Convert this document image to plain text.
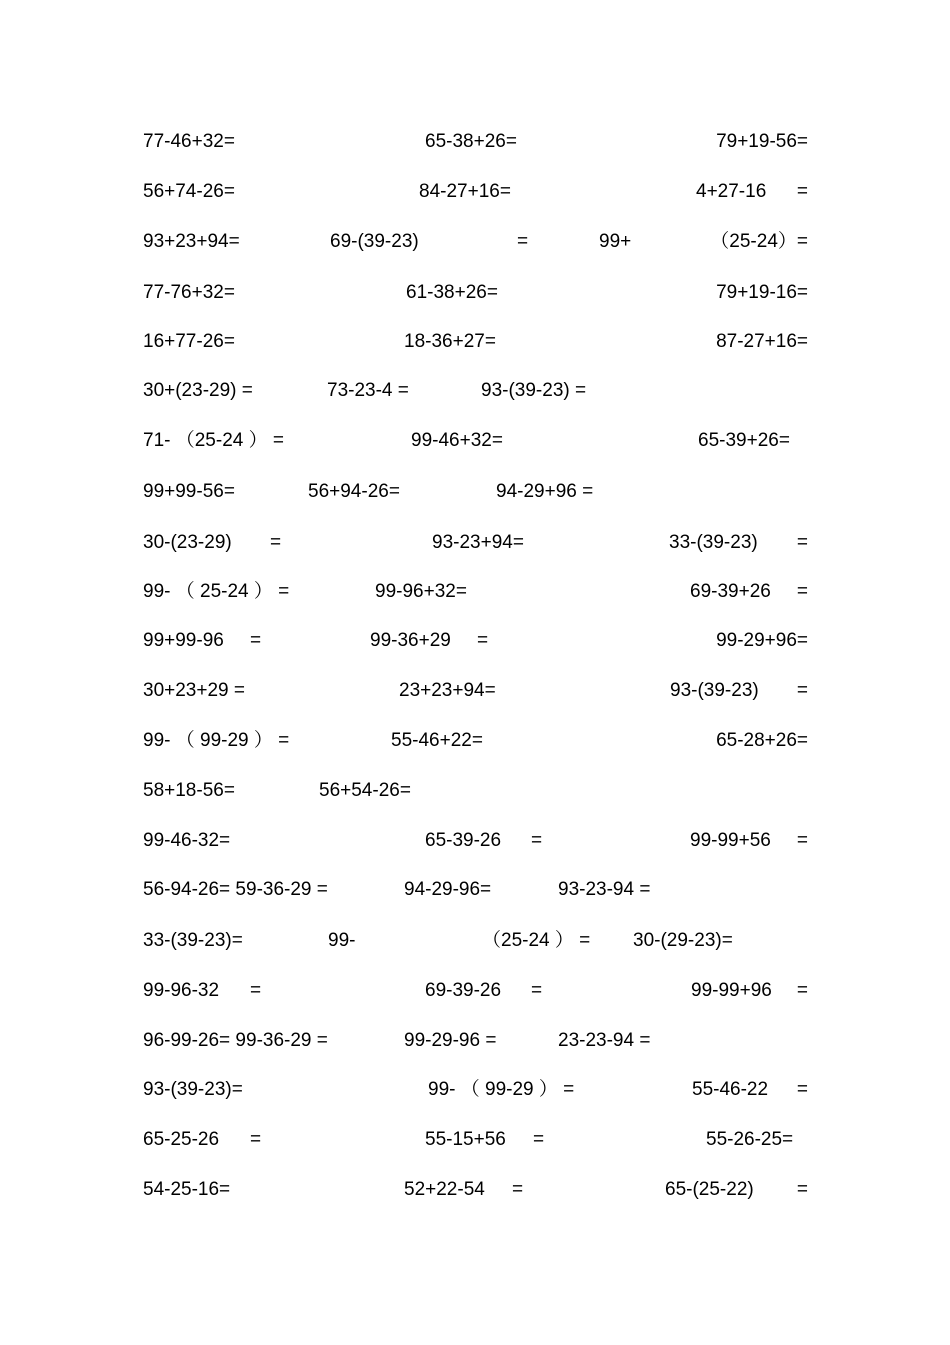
77-46+32=	65-38+26=	79+19-56=
56+74-26=	84-27+16=	4+27-16 =
93+23+94=	69-(39-23)	=	99+	（25-24）=
77-76+32=	61-38+26=	79+19-16=
16+77-26=	18-36+27=	87-27+16=
30+(23-29) =	73-23-4 =	93-(39-23) =
71- （25-24 ） =	99-46+32=	65-39+26=
99+99-56=	56+94-26=	94-29+96 =
30-(23-29) =	93-23+94=	33-(39-23) =
99- （ 25-24 ） =	99-96+32=	69-39+26 =
99+99-96 =	99-36+29 =	99-29+96=
30+23+29 =	23+23+94=	93-(39-23) =
99- （ 99-29 ） =	55-46+22=	65-28+26=
58+18-56=	56+54-26=
99-46-32=	65-39-26 =	99-99+56 =
56-94-26= 59-36-29 =	94-29-96=	93-23-94 =
33-(39-23)=	99-	（25-24 ） = 30-(29-23)=
99-96-32 =	69-39-26 =	99-99+96 =
96-99-26= 99-36-29 =	99-29-96 =	23-23-94 =
93-(39-23)=	99- （ 99-29 ） =	55-46-22 =
65-25-26 =	55-15+56 =	55-26-25=
54-25-16=	52+22-54 =	65-(25-22) =
